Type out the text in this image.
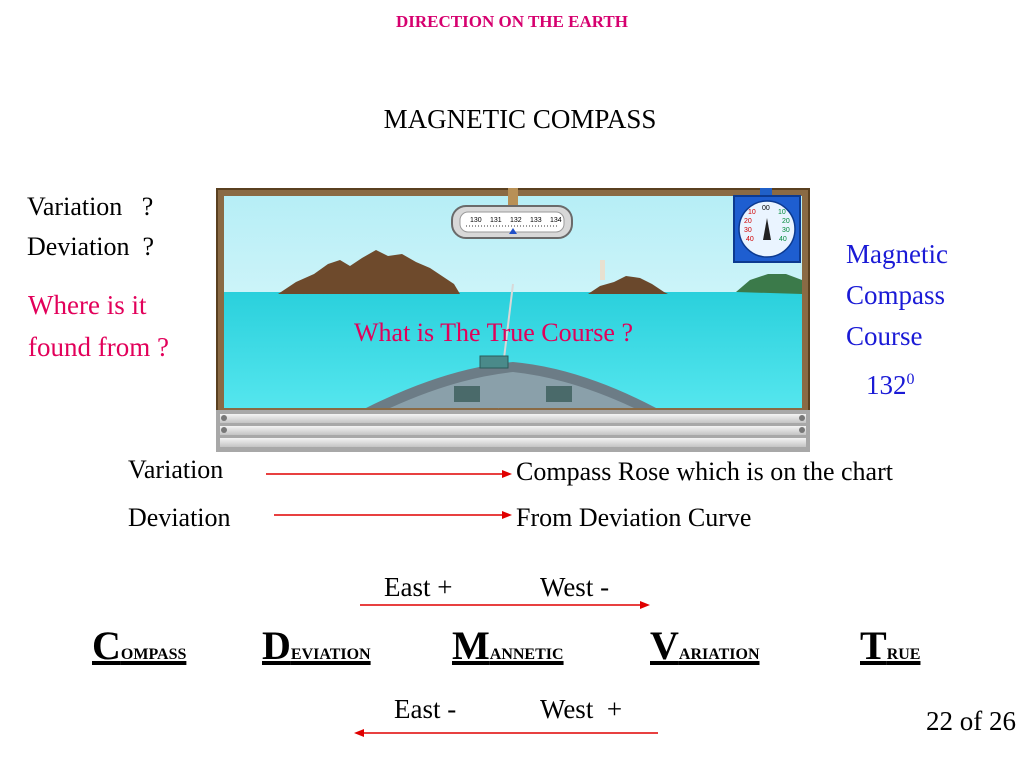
DIRECTION ON THE EARTH
MAGNETIC COMPASS
Variation   ?
Deviation  ?
Where is it
found from ?
130 131 132 133 134
00
10
20
30
40
10
20
30
40
What is The True Course ?
Magnetic
Compass
Course
$132^0$
Variation	Compass Rose which is on the chart
Deviation	From Deviation Curve
East +	West -
COMPASS DEVIATION MANNETIC VARIATION	TRUE
East -	West  +	22 of 26
